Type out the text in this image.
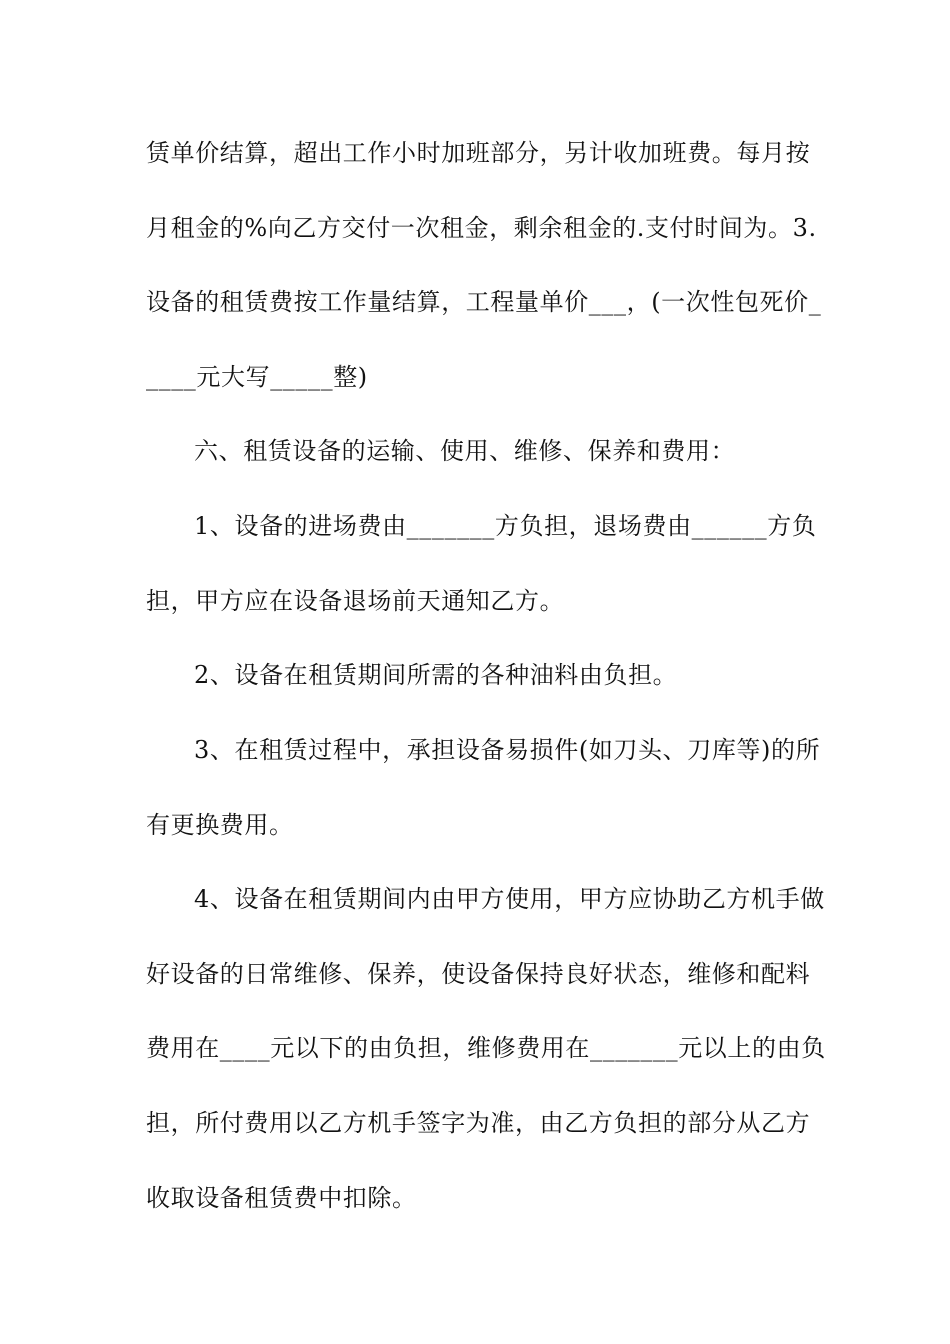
赁单价结算，超出工作小时加班部分，另计收加班费。每月按
月租金的%向乙方交付一次租金，剩余租金的.支付时间为。3.
设备的租赁费按工作量结算，工程量单价___，(一次性包死价_
____元大写_____整)
六、租赁设备的运输、使用、维修、保养和费用：
1、设备的进场费由_______方负担，退场费由______方负
担，甲方应在设备退场前天通知乙方。
2、设备在租赁期间所需的各种油料由负担。
3、在租赁过程中，承担设备易损件(如刀头、刀库等)的所
有更换费用。
4、设备在租赁期间内由甲方使用，甲方应协助乙方机手做
好设备的日常维修、保养，使设备保持良好状态，维修和配料
费用在____元以下的由负担，维修费用在_______元以上的由负
担，所付费用以乙方机手签字为准，由乙方负担的部分从乙方
收取设备租赁费中扣除。
